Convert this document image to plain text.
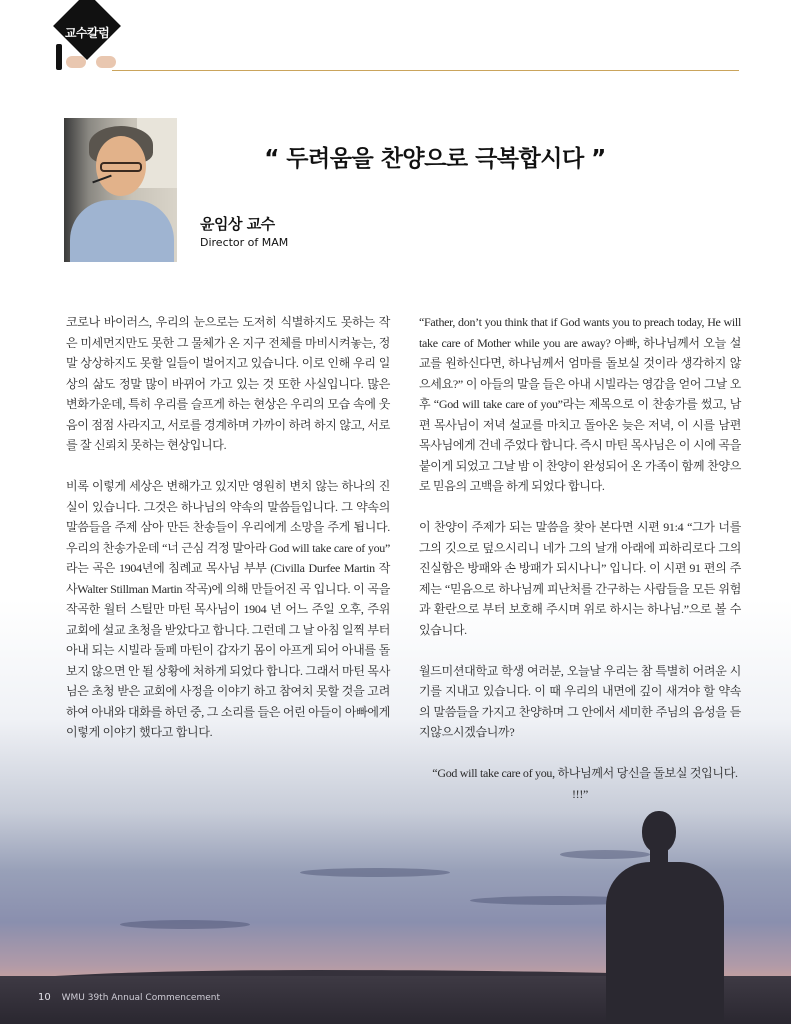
교수칼럼
“ 두려움을 찬양으로 극복합시다 ”
윤임상 교수
Director of MAM

코로나 바이러스, 우리의 눈으로는 도저히 식별하지도 못하는 작은 미세먼지만도 못한 그 물체가 온 지구 전체를 마비시켜놓는, 정말 상상하지도 못할 일들이 벌어지고 있습니다. 이로 인해 우리 일상의 삶도 정말 많이 바뀌어 가고 있는 것 또한 사실입니다. 많은 변화가운데, 특히 우리를 슬프게 하는 현상은 우리의 모습 속에 웃음이 점점 사라지고, 서로를 경계하며 가까이 하려 하지 않고, 서로를 잘 신뢰치 못하는 현상입니다.

비록 이렇게 세상은 변해가고 있지만 영원히 변치 않는 하나의 진실이 있습니다. 그것은 하나님의 약속의 말씀들입니다. 그 약속의 말씀들을 주제 삼아 만든 찬송들이 우리에게 소망을 주게 됩니다. 우리의 찬송가운데 “너 근심 걱정 말아라 God will take care of you” 라는 곡은 1904년에 침례교 목사님 부부 (Civilla Durfee Martin 작사Walter Stillman Martin 작곡)에 의해 만들어진 곡 입니다. 이 곡을 작곡한 월터 스틸만 마틴 목사님이 1904 년 어느 주일 오후, 주위 교회에 설교 초청을 받았다고 합니다. 그런데 그 날 아침 일찍 부터 아내 되는 시빌라 둘페 마틴이 갑자기 몸이 아프게 되어 아내를 돌보지 않으면 안 될 상황에 처하게 되었다 합니다. 그래서 마틴 목사님은 초청 받은 교회에 사정을 이야기 하고 참여치 못할 것을 고려하여 아내와 대화를 하던 중, 그 소리를 들은 어린 아들이 아빠에게 이렇게 이야기 했다고 합니다.

“Father, don’t you think that if God wants you to preach today, He will take care of Mother while you are away? 아빠, 하나님께서 오늘 설교를 원하신다면, 하나님께서 엄마를 돌보실 것이라 생각하지 않으세요?” 이 아들의 말을 들은 아내 시빌라는 영감을 얻어 그날 오후 “God will take care of you”라는 제목으로 이 찬송가를 썼고, 남편 목사님이 저녁 설교를 마치고 돌아온 늦은 저녁, 이 시를 남편 목사님에게 건네 주었다 합니다. 즉시 마틴 목사님은 이 시에 곡을 붙이게 되었고 그날 밤 이 찬양이 완성되어 온 가족이 함께 찬양으로 믿음의 고백을 하게 되었다 합니다.

이 찬양이 주제가 되는 말씀을 찾아 본다면 시편 91:4 “그가 너를 그의 깃으로 덮으시리니 네가 그의 날개 아래에 피하리로다 그의 진실함은 방패와 손 방패가 되시나니” 입니다. 이 시편 91 편의 주제는 “믿음으로 하나님께 피난처를 간구하는 사람들을 모든 위험과 환란으로 부터 보호해 주시며 위로 하시는 하나님.”으로 볼 수 있습니다.

월드미션대학교 학생 여러분, 오늘날 우리는 참 특별히 어려운 시기를 지내고 있습니다. 이 때 우리의 내면에 깊이 새겨야 할 약속의 말씀들을 가지고 찬양하며 그 안에서 세미한 주님의 음성을 듣지않으시겠습니까?

“God will take care of you, 하나님께서 당신을 돌보실 것입니다. !!!”

10 WMU 39th Annual Commencement
